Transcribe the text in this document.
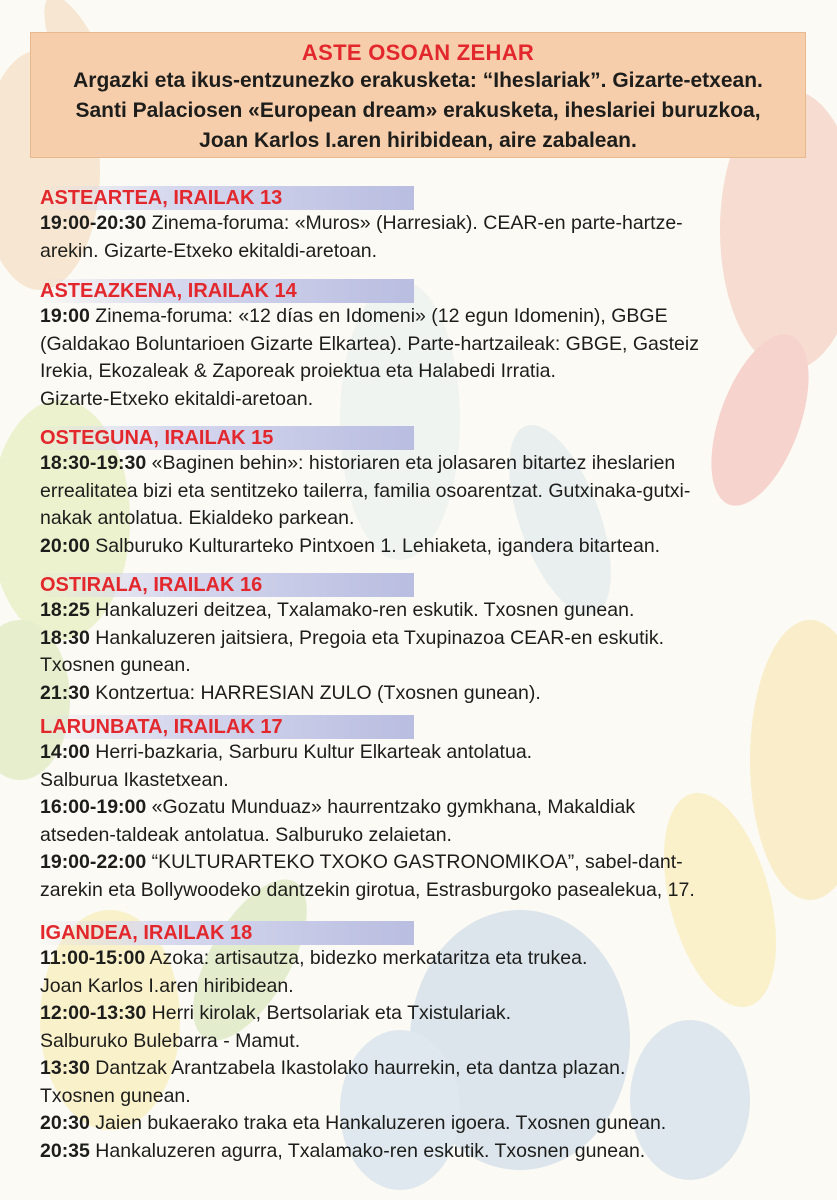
ASTE OSOAN ZEHAR
Argazki eta ikus-entzunezko erakusketa: “Iheslariak”. Gizarte-etxean.
Santi Palaciosen «European dream» erakusketa, iheslariei buruzkoa,
Joan Karlos I.aren hiribidean, aire zabalean.
ASTEARTEA, IRAILAK 13
19:00-20:30 Zinema-foruma: «Muros» (Harresiak). CEAR-en parte-hartze-
arekin. Gizarte-Etxeko ekitaldi-aretoan.
ASTEAZKENA, IRAILAK 14
19:00 Zinema-foruma: «12 días en Idomeni» (12 egun Idomenin), GBGE
(Galdakao Boluntarioen Gizarte Elkartea). Parte-hartzaileak: GBGE, Gasteiz
Irekia, Ekozaleak & Zaporeak proiektua eta Halabedi Irratia.
Gizarte-Etxeko ekitaldi-aretoan.
OSTEGUNA, IRAILAK 15
18:30-19:30 «Baginen behin»: historiaren eta jolasaren bitartez iheslarien
errealitatea bizi eta sentitzeko tailerra, familia osoarentzat. Gutxinaka-gutxi-
nakak antolatua. Ekialdeko parkean.
20:00 Salburuko Kulturarteko Pintxoen 1. Lehiaketa, igandera bitartean.
OSTIRALA, IRAILAK 16
18:25 Hankaluzeri deitzea, Txalamako-ren eskutik. Txosnen gunean.
18:30 Hankaluzeren jaitsiera, Pregoia eta Txupinazoa CEAR-en eskutik.
Txosnen gunean.
21:30 Kontzertua: HARRESIAN ZULO (Txosnen gunean).
LARUNBATA, IRAILAK 17
14:00 Herri-bazkaria, Sarburu Kultur Elkarteak antolatua.
Salburua Ikastetxean.
16:00-19:00 «Gozatu Munduaz» haurrentzako gymkhana, Makaldiak
atseden-taldeak antolatua. Salburuko zelaietan.
19:00-22:00 “KULTURARTEKO TXOKO GASTRONOMIKOA”, sabel-dant-
zarekin eta Bollywoodeko dantzekin girotua, Estrasburgoko pasealekua, 17.
IGANDEA, IRAILAK 18
11:00-15:00 Azoka: artisautza, bidezko merkataritza eta trukea.
Joan Karlos I.aren hiribidean.
12:00-13:30 Herri kirolak, Bertsolariak eta Txistulariak.
Salburuko Bulebarra - Mamut.
13:30 Dantzak Arantzabela Ikastolako haurrekin, eta dantza plazan.
Txosnen gunean.
20:30 Jaien bukaerako traka eta Hankaluzeren igoera. Txosnen gunean.
20:35 Hankaluzeren agurra, Txalamako-ren eskutik. Txosnen gunean.
